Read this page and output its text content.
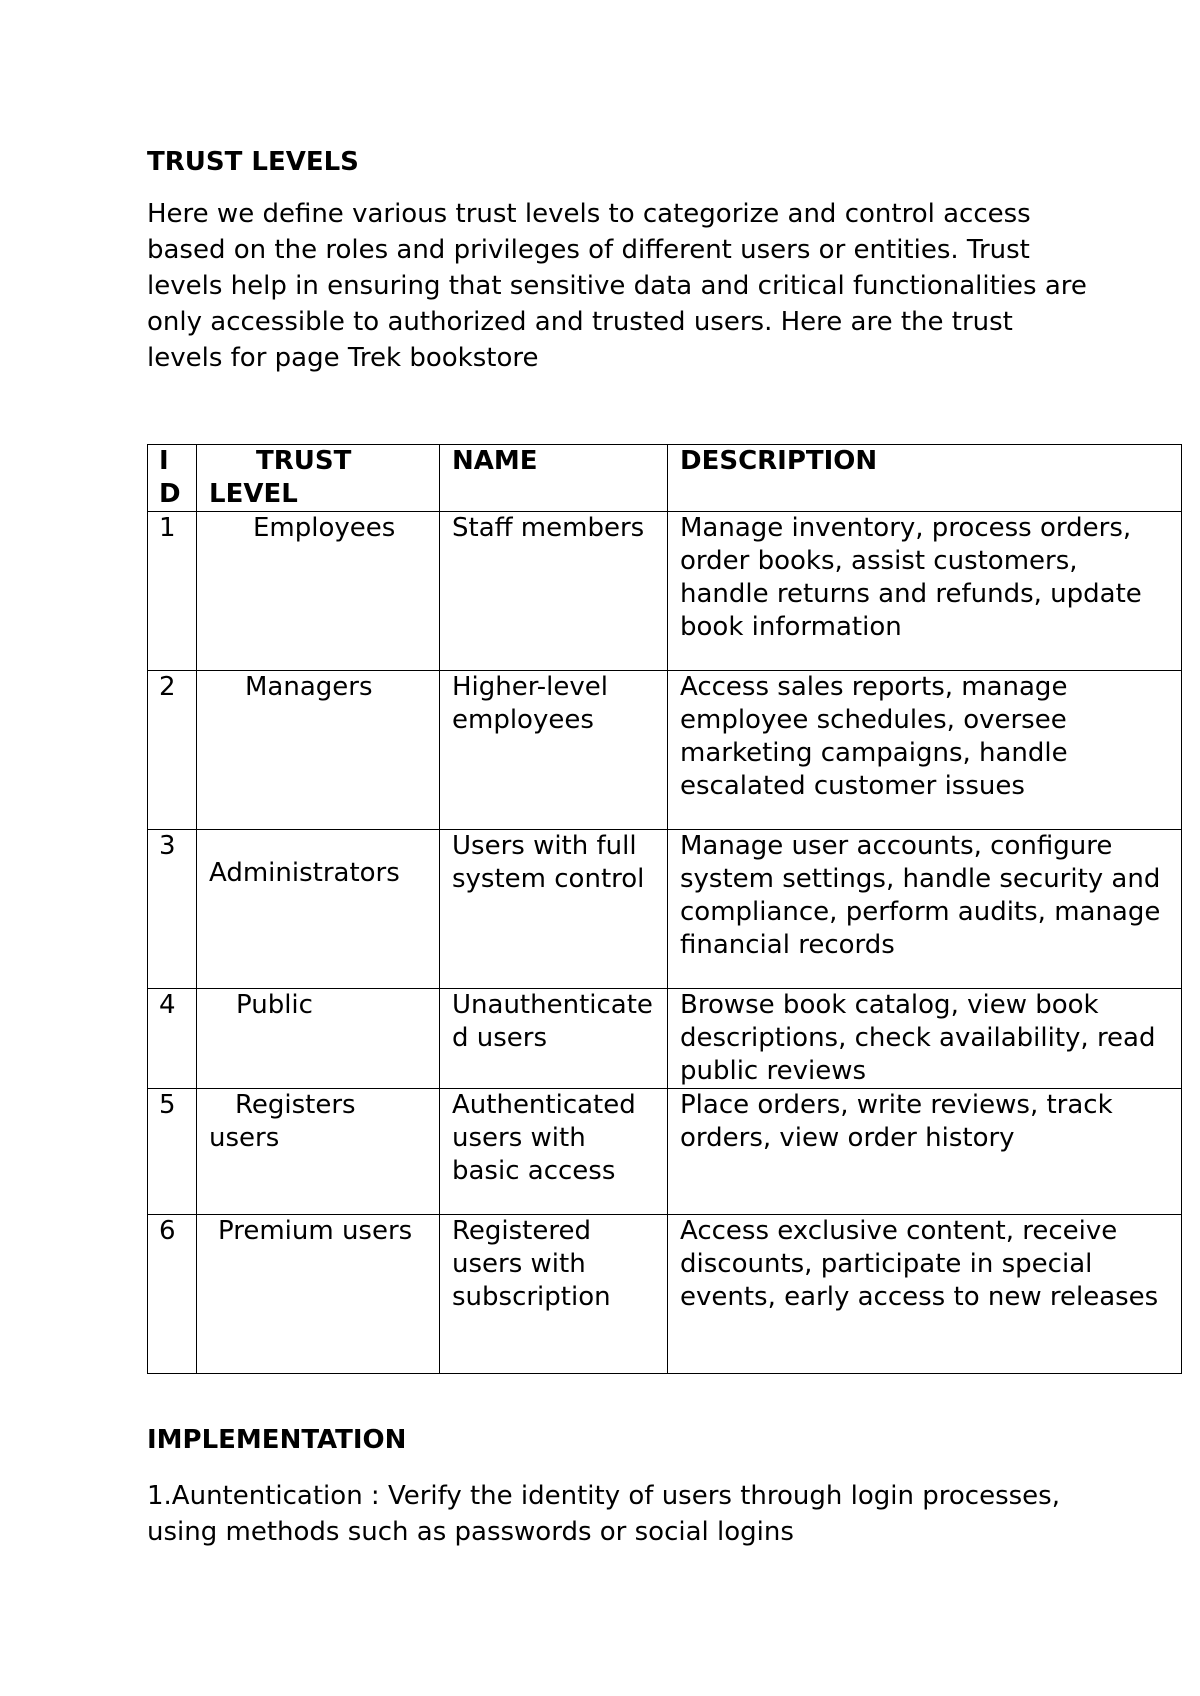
TRUST LEVELS

Here we define various trust levels to categorize and control access based on the roles and privileges of different users or entities. Trust levels help in ensuring that sensitive data and critical functionalities are only accessible to authorized and trusted users. Here are the trust levels for page Trek bookstore

ID	TRUST LEVEL	NAME	DESCRIPTION
1	Employees	Staff members	Manage inventory, process orders, order books, assist customers, handle returns and refunds, update book information
2	Managers	Higher-level employees	Access sales reports, manage employee schedules, oversee marketing campaigns, handle escalated customer issues
3	Administrators	Users with full system control	Manage user accounts, configure system settings, handle security and compliance, perform audits, manage financial records
4	Public	Unauthenticated users	Browse book catalog, view book descriptions, check availability, read public reviews
5	Registers users	Authenticated users with basic access	Place orders, write reviews, track orders, view order history
6	Premium users	Registered users with subscription	Access exclusive content, receive discounts, participate in special events, early access to new releases
IMPLEMENTATION

1.Auntentication : Verify the identity of users through login processes, using methods such as passwords or social logins
